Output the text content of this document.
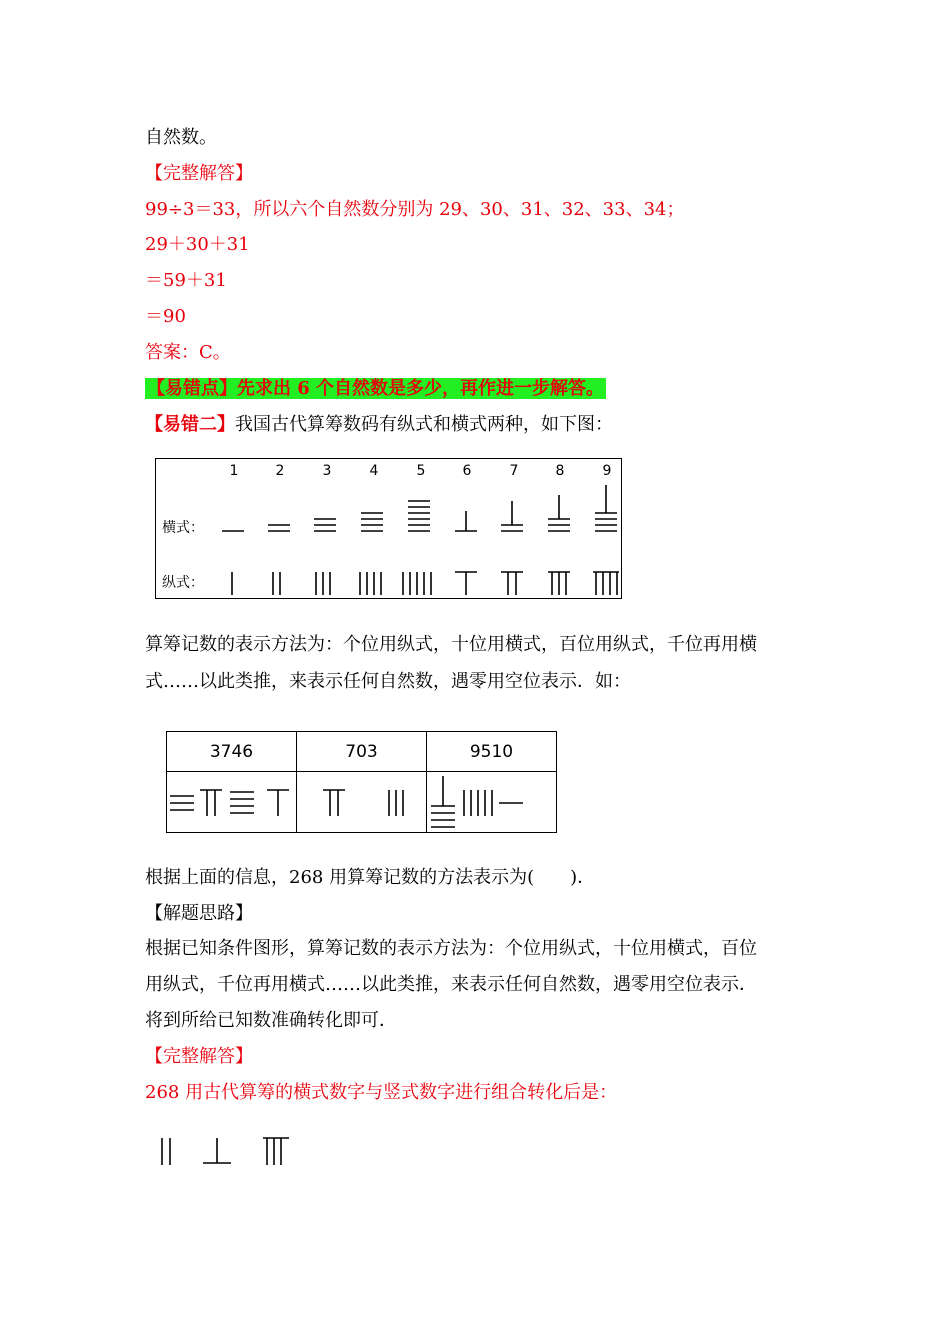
自然数。
【完整解答】
99÷3＝33，所以六个自然数分别为 29、30、31、32、33、34；
29＋30＋31
＝59＋31
＝90
答案：C。
【易错点】先求出 6 个自然数是多少，再作进一步解答。
【易错二】我国古代算筹数码有纵式和横式两种，如下图：
1	2	3	4	5	6	7	8	9
横式：
纵式：
算筹记数的表示方法为：个位用纵式，十位用横式，百位用纵式，千位再用横
式……以此类推，来表示任何自然数，遇零用空位表示．如：
3746	703	9510

根据上面的信息，268 用算筹记数的方法表示为(　　)．
【解题思路】
根据已知条件图形，算筹记数的表示方法为：个位用纵式，十位用横式，百位
用纵式，千位再用横式……以此类推，来表示任何自然数，遇零用空位表示．
将到所给已知数准确转化即可．
【完整解答】
268 用古代算筹的横式数字与竖式数字进行组合转化后是：
